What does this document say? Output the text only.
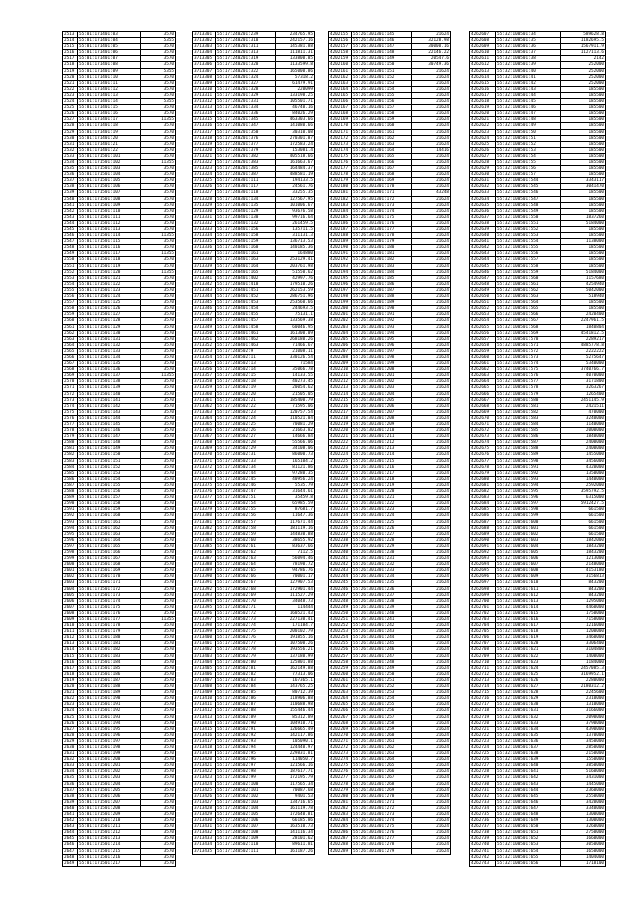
2513	55:01:171401:03	3570
2514	55:01:171401:04	5355
2515	55:01:171401:05	3570
2516	55:01:171401:06	3570
2517	55:01:171401:07	3570
2518	55:01:171401:08	3570
2519	55:01:171401:09	5355
2520	55:01:171401:10	3570
2521	55:01:171401:11	3570
2522	55:01:171401:12	3570
2523	55:01:171401:13	3570
2524	55:01:171401:14	5355
2525	55:01:171401:15	3570
2526	55:01:171401:16	3570
2527	55:01:171401:17	11355
2528	55:01:171401:18	3570
2529	55:01:171401:19	3570
2530	55:01:171401:20	3570
2531	55:01:171401:21	3570
2532	55:01:171401:22	3570
2533	55:01:171501:101	3570
2534	55:01:171501:102	11355
2535	55:01:171501:103	3570
2536	55:01:171501:104	3570
2537	55:01:171501:105	3570
2538	55:01:171501:106	3570
2539	55:01:171501:107	3570
2540	55:01:171501:108	3570
2541	55:01:171501:109	3570
2542	55:01:171501:110	3570
2543	55:01:171501:111	3570
2544	55:01:171501:112	3570
2545	55:01:171501:113	3570
2546	55:01:171501:114	11355
2547	55:01:171501:115	3570
2548	55:01:171501:116	3570
2549	55:01:171501:117	11355
2550	55:01:171501:118	3570
2551	55:01:171501:119	3570
2552	55:01:171501:120	11355
2553	55:01:171501:121	3570
2554	55:01:171501:122	3570
2555	55:01:171501:123	3570
2556	55:01:171501:124	3570
2557	55:01:171501:125	3570
2558	55:01:171501:126	3570
2559	55:01:171501:127	3570
2560	55:01:171501:128	3570
2561	55:01:171501:129	3570
2562	55:01:171501:130	3570
2563	55:01:171501:131	3570
2564	55:01:171501:132	3570
2565	55:01:171501:133	3570
2566	55:01:171501:134	3570
2567	55:01:171501:135	3570
2568	55:01:171501:136	3570
2569	55:01:171501:137	11355
2570	55:01:171501:138	3570
2571	55:01:171501:139	3570
2572	55:01:171501:140	3570
2573	55:01:171501:141	3570
2574	55:01:171501:142	3570
2575	55:01:171501:143	3570
2576	55:01:171501:144	3570
2577	55:01:171501:145	3570
2578	55:01:171501:146	3570
2579	55:01:171501:147	3570
2580	55:01:171501:148	3570
2581	55:01:171501:149	3570
2582	55:01:171501:150	3570
2583	55:01:171501:151	3570
2584	55:01:171501:152	3570
2585	55:01:171501:153	3570
2586	55:01:171501:154	3570
2587	55:01:171501:155	3570
2588	55:01:171501:156	3570
2589	55:01:171501:157	3570
2590	55:01:171501:158	3570
2591	55:01:171501:159	3570
2592	55:01:171501:160	3570
2593	55:01:171501:161	3570
2594	55:01:171501:162	3570
2595	55:01:171501:163	3570
2596	55:01:171501:164	3570
2597	55:01:171501:165	3570
2598	55:01:171501:166	3570
2599	55:01:171501:167	3570
2600	55:01:171501:168	3570
2601	55:01:171501:169	3570
2602	55:01:171501:170	3570
2603	55:01:171501:171	3570
2604	55:01:171501:172	3570
2605	55:01:171501:173	3570
2606	55:01:171501:174	3570
2607	55:01:171501:175	3570
2608	55:01:171501:176	3570
2609	55:01:171501:177	11355
2610	55:01:171501:178	3570
2611	55:01:171501:179	3570
2612	55:01:171501:180	3570
2613	55:01:171501:181	3570
2614	55:01:171501:182	3570
2615	55:01:171501:183	3570
2616	55:01:171501:184	3570
2617	55:01:171501:185	3570
2618	55:01:171501:186	3570
2619	55:01:171501:187	3570
2620	55:01:171501:188	3570
2621	55:01:171501:189	3570
2622	55:01:171501:190	3570
2623	55:01:171501:191	3570
2624	55:01:171501:192	3570
2625	55:01:171501:193	3570
2626	55:01:171501:194	3570
2627	55:01:171501:195	3570
2628	55:01:171501:196	3570
2629	55:01:171501:197	3570
2630	55:01:171501:198	3570
2631	55:01:171501:199	3570
2632	55:01:171501:200	3570
2633	55:01:171501:201	3570
2634	55:01:171501:202	3570
2635	55:01:171501:203	3570
2636	55:01:171501:204	3570
2637	55:01:171501:205	3570
2638	55:01:171501:206	3570
2639	55:01:171501:207	3570
2640	55:01:171501:208	3570
2641	55:01:171501:209	3570
2642	55:01:171501:210	3570
2643	55:01:171501:211	3570
2644	55:01:171501:212	3570
2645	55:01:171501:213	3570
2646	55:01:171501:214	3570
2647	55:01:171501:215	3570
2648	55:01:171501:216	3570
2649	55:01:171501:217	3570
3713301	55:17:240201:239	234765.95
3713302	55:17:240201:310	242157.16
3713303	55:17:240201:311	145381.88
3713304	55:17:240201:313	111811.31
3713305	55:17:240201:319	133800.85
3713306	55:17:240201:320	1133599.8
3713307	55:17:240201:322	165000.86
3713308	55:17:240201:324	57318.2
3713309	55:17:240201:327	61479.91
3713310	55:17:240201:328	220099
3713311	55:17:240201:329	133198.25
3713312	55:17:240201:331	105501.71
3713313	55:17:240201:334	46740.16
3713314	55:17:240201:336	84026.29
3713315	55:17:240201:345	463303.66
3713316	55:17:240201:347	141080.66
3713317	55:17:240201:350	30310.08
3713318	55:17:240201:376	270301.87
3713319	55:17:240201:377	172583.24
3713320	55:17:240201:379	153081.4
3713321	55:17:240201:382	405518.66
3713322	55:17:240201:383	161663.67
3713323	55:17:240201:385	164484.37
3713324	55:17:240201:387	488581.19
3713325	55:17:240301:111	194133.5
3713326	55:17:240301:117	24561.76
3713327	55:17:240301:118	33255.35
3713328	55:17:240301:134	127567.95
3713329	55:17:240301:135	101006.67
3713330	55:17:240401:129	93676.58
3713331	55:17:240401:130	99716.64
3713332	55:17:240401:132	261459.5
3713333	55:17:240401:156	135711.5
3713334	55:17:240401:158	311131.3
3713335	55:17:240401:159	136713.53
3713336	55:17:240401:160	140185.36
3713337	55:17:240401:161	164880
3713338	55:17:240401:163	253129.41
3713339	55:17:240401:164	203761.98
3713340	55:17:240401:165	51550.62
3713341	55:17:240401:402	42997.76
3713342	55:17:240401:410	179510.26
3713343	55:17:240401:451	262153.59
3713344	55:17:240401:452	286751.96
3713345	55:17:240401:453	253560.66
3713346	55:17:240401:454	244693.5
3713347	55:17:240401:455	75131.1
3713348	55:17:240401:457	133569.38
3713349	55:17:240401:458	60046.95
3713350	55:17:240401:461	161300.09
3713351	55:17:240401:462	268180.26
3713352	55:17:240401:463	71466.67
3713353	55:17:240502:9	21008.11
3713354	55:17:240502:11	330126.54
3713355	55:17:240502:13	71584
3713356	55:17:240502:14	35066.78
3713357	55:17:240502:15	14133.55
3713358	55:17:240502:18	40273.45
3713359	55:17:240502:19	20054.62
3713360	55:17:240502:20	21505.05
3713361	55:17:240502:21	185400.79
3713362	55:17:240502:22	71595.06
3713363	55:17:240502:23	120757.54
3713364	55:17:240502:24	110521.04
3713365	55:17:240502:25	70081.29
3713366	55:17:240502:26	21663.82
3713367	55:17:240502:27	14666.84
3713368	55:17:240502:28	55566.06
3713369	55:17:240502:29	34108.06
3713370	55:17:240502:31	86000.73
3713371	55:17:240502:33	165104.2
3713372	55:17:240502:34	81121.86
3713373	55:17:240502:44	97280.35
3713374	55:17:240502:45	40956.24
3713375	55:17:240502:46	5535.79
3713376	55:17:240502:47	31644.61
3713377	55:17:240502:51	35459.8
3713378	55:17:240502:54	65985.59
3713379	55:17:240502:55	87681.7
3713380	55:17:240502:56	11647.36
3713381	55:17:240502:57	117671.44
3713382	55:17:240502:58	181119.16
3713383	55:17:240502:59	144830.88
3713384	55:17:240502:60	38655.92
3713385	55:17:240502:61	83637.66
3713386	55:17:240502:62	7112.5
3713387	55:17:240502:63	56094.46
3713388	55:17:240502:64	78190.72
3713389	55:17:240502:65	94786.76
3713390	55:17:240502:66	70001.17
3713391	55:17:240502:67	127907.53
3713392	55:17:240502:68	172901.44
3713393	55:17:240502:69	111527.29
3713394	55:17:240502:70	34048.73
3713395	55:17:240502:71	114444
3713396	55:17:240502:72	160521.43
3713397	55:17:240502:73	227130.41
3713398	55:17:240502:74	171184.7
3713399	55:17:240502:75	200102.79
3713400	55:17:240502:76	191855.16
3713401	55:17:240502:77	107500.26
3713402	55:17:240502:78	193556.21
3713403	55:17:240502:79	137180.99
3713404	55:17:240502:80	125801.88
3713405	55:17:240502:81	162149.88
3713406	55:17:240502:82	77313.06
3713407	55:17:240502:83	167365.1
3713408	55:17:240502:84	143765.25
3713409	55:17:240502:85	80712.39
3713410	55:17:240502:86	118906.88
3713411	55:17:240502:87	110688.98
3713412	55:17:240502:88	155446.44
3713413	55:17:240502:89	85312.89
3713414	55:17:240502:90	104910.71
3713415	55:17:240502:91	126665.49
3713416	55:17:240502:92	142117.86
3713417	55:17:240502:93	105090.1
3713418	55:17:240502:94	124440.97
3713419	55:17:240502:95	229831.81
3713420	55:17:240502:96	114050.7
3713421	55:17:240502:97	121566.16
3713422	55:17:240502:98	187617.71
3713423	55:17:240502:99	172195.79
3713424	55:17:240502:100	117565.34
3713425	55:17:240502:101	70087.68
3713426	55:17:240502:102	9401.53
3713427	55:17:240502:103	134716.65
3713428	55:17:240502:104	161119.78
3713429	55:17:240502:105	172640.81
3713430	55:17:240502:106	66185.86
3713431	55:17:240502:107	163510.73
3713432	55:17:240502:108	141116.34
3713433	55:17:240502:109	28101.62
3713434	55:17:240502:110	89611.81
3713435	55:17:240502:111	161187.26
4202155	55:26:301301:145	21624
4202156	55:26:301301:146	32128.98
4202157	55:26:301301:147	30000.16
4202158	55:26:301301:148	22146.22
4202159	55:26:301301:149	20547.6
4202160	55:26:301301:150	30749.36
4202161	55:26:301301:151	21624
4202162	55:26:301301:152	21624
4202163	55:26:301301:153	21624
4202164	55:26:301301:154	21624
4202165	55:26:301301:155	21624
4202166	55:26:301301:156	21624
4202167	55:26:301301:157	21624
4202168	55:26:301301:158	21624
4202169	55:26:301301:159	21624
4202170	55:26:301301:160	21624
4202171	55:26:301301:161	21624
4202172	55:26:301301:162	21624
4202173	55:26:301301:163	21624
4202174	55:26:301301:164	14416
4202175	55:26:301301:165	21624
4202176	55:26:301301:166	21624
4202177	55:26:301301:167	21624
4202178	55:26:301301:168	21624
4202179	55:26:301301:169	21624
4202180	55:26:301301:170	21624
4202181	55:26:301301:171	43248
4202182	55:26:301301:172	21624
4202183	55:26:301301:173	21624
4202184	55:26:301301:174	21624
4202185	55:26:301301:175	21624
4202186	55:26:301301:176	21624
4202187	55:26:301301:177	21624
4202188	55:26:301301:178	21624
4202189	55:26:301301:179	21624
4202190	55:26:301301:180	21624
4202191	55:26:301301:181	21624
4202192	55:26:301301:182	21624
4202193	55:26:301301:183	21624
4202194	55:26:301301:184	21624
4202195	55:26:301301:185	21624
4202196	55:26:301301:186	21624
4202197	55:26:301301:187	21624
4202198	55:26:301301:188	21624
4202199	55:26:301301:189	21624
4202200	55:26:301301:190	21624
4202201	55:26:301301:191	21624
4202202	55:26:301301:192	21624
4202203	55:26:301301:193	21624
4202204	55:26:301301:194	21624
4202205	55:26:301301:195	21624
4202206	55:26:301301:196	21624
4202207	55:26:301301:197	21624
4202208	55:26:301301:198	21624
4202209	55:26:301301:199	21624
4202210	55:26:301301:200	21624
4202211	55:26:301301:201	21624
4202212	55:26:301301:202	21624
4202213	55:26:301301:203	21624
4202214	55:26:301301:204	21624
4202215	55:26:301301:205	21624
4202216	55:26:301301:206	21624
4202217	55:26:301301:207	21624
4202218	55:26:301301:208	21624
4202219	55:26:301301:209	21624
4202220	55:26:301301:210	21624
4202221	55:26:301301:211	21624
4202222	55:26:301301:212	21624
4202223	55:26:301301:213	21624
4202224	55:26:301301:214	21624
4202225	55:26:301301:215	21624
4202226	55:26:301301:216	21624
4202227	55:26:301301:217	21624
4202228	55:26:301301:218	21624
4202229	55:26:301301:219	21624
4202230	55:26:301301:220	21624
4202231	55:26:301301:221	21624
4202232	55:26:301301:222	21624
4202233	55:26:301301:223	21624
4202234	55:26:301301:224	21624
4202235	55:26:301301:225	21624
4202236	55:26:301301:226	21624
4202237	55:26:301301:227	21624
4202238	55:26:301301:228	21624
4202239	55:26:301301:229	21624
4202240	55:26:301301:230	21624
4202241	55:26:301301:231	21624
4202242	55:26:301301:232	21624
4202243	55:26:301301:233	21624
4202244	55:26:301301:234	21624
4202245	55:26:301301:235	21624
4202246	55:26:301301:236	21624
4202247	55:26:301301:237	21624
4202248	55:26:301301:238	21624
4202249	55:26:301301:239	21624
4202250	55:26:301301:240	21624
4202251	55:26:301301:241	21624
4202252	55:26:301301:242	21624
4202253	55:26:301301:243	21624
4202254	55:26:301301:244	21624
4202255	55:26:301301:245	21624
4202256	55:26:301301:246	21624
4202257	55:26:301301:247	21624
4202258	55:26:301301:248	21624
4202259	55:26:301301:249	21624
4202260	55:26:301301:250	21624
4202261	55:26:301301:251	21624
4202262	55:26:301301:252	21624
4202263	55:26:301301:253	21624
4202264	55:26:301301:254	21624
4202265	55:26:301301:255	21624
4202266	55:26:301301:256	21624
4202267	55:26:301301:257	21624
4202268	55:26:301301:258	21624
4202269	55:26:301301:259	21624
4202270	55:26:301301:260	21624
4202271	55:26:301301:261	21624
4202272	55:26:301301:262	21624
4202273	55:26:301301:263	21624
4202274	55:26:301301:264	21624
4202275	55:26:301301:265	21624
4202276	55:26:301301:266	21624
4202277	55:26:301301:267	21624
4202278	55:26:301301:268	21624
4202279	55:26:301301:269	21624
4202280	55:26:301301:270	21624
4202281	55:26:301301:271	21624
4202282	55:26:301301:272	21624
4202283	55:26:301301:273	21624
4202284	55:26:301301:274	21624
4202285	55:26:301301:275	21624
4202286	55:26:301301:276	21624
4202287	55:26:301301:277	21624
4202288	55:26:301301:278	21624
4202289	55:26:301301:279	21624
4262607	55:32:100501:34	589628.8
4262608	55:32:100501:35	1182695.5
4262609	55:32:100501:36	1567911.9
4262610	55:32:100501:37	1127113.6
4262611	55:32:100501:38	2142
4262612	55:32:100501:39	252000
4262613	55:32:100501:40	252000
4262614	55:32:100501:41	252000
4262615	55:32:100501:42	252000
4262616	55:32:100501:43	185500
4262617	55:32:100501:44	185500
4262618	55:32:100501:45	185500
4262619	55:32:100501:46	185500
4262620	55:32:100501:47	185500
4262621	55:32:100501:48	185500
4262622	55:32:100501:49	185500
4262623	55:32:100501:50	185500
4262624	55:32:100501:51	185500
4262625	55:32:100501:52	185500
4262626	55:32:100501:53	185500
4262627	55:32:100501:54	185500
4262628	55:32:100501:55	185500
4262629	55:32:100501:56	185500
4262630	55:32:100501:57	185500
4262631	55:32:100501:544	3343117
4262632	55:32:100501:545	3041470
4262633	55:32:100501:546	185500
4262634	55:32:100501:547	185500
4262635	55:32:100501:548	185500
4262636	55:32:100501:549	185500
4262637	55:32:100501:550	1837260
4262638	55:32:100501:551	5184000
4262639	55:32:100501:552	185500
4262640	55:32:100501:553	185500
4262641	55:32:100501:554	1138000
4262642	55:32:100501:555	185500
4262643	55:32:100501:556	185500
4262644	55:32:100501:557	185500
4262645	55:32:100501:558	185500
4262646	55:32:100501:559	5184000
4262647	55:32:100501:560	1157680
4262648	55:32:100501:561	4254940
4262649	55:32:100501:562	5042000
4262650	55:32:100501:563	518940
4262651	55:32:100501:564	185500
4262652	55:32:100501:565	185500
4262653	55:32:100501:566	2420400
4262654	55:32:100501:567	2247961.5
4262655	55:32:100501:568	1840804
4262656	55:32:100501:569	4541812.5
4262657	55:32:100501:570	2289217
4262658	55:32:100501:571	4885778.8
4262659	55:32:100501:572	2222222
4262660	55:32:100501:573	5275647
4262661	55:32:100501:574	5340000
4262662	55:32:100501:575	3740766.7
4262663	55:32:100501:576	4070000
4262664	55:32:100501:577	3171800
4262665	55:32:100501:578	3263267
4262666	55:32:100501:579	1265400
4262667	55:32:100501:580	2451145.9
4262668	55:32:100501:581	2421511
4262669	55:32:100501:582	470000
4262670	55:32:100501:583	3240000
4262671	55:32:100501:584	1140000
4262672	55:32:100501:585	2000000
4262673	55:32:100501:586	1840000
4262674	55:32:100501:587	2400000
4262675	55:32:100501:588	2400000
4262676	55:32:100501:589	1455000
4262677	55:32:100501:590	3456000
4262678	55:32:100501:591	4320000
4262679	55:32:100501:592	1350000
4262680	55:32:100501:593	1440000
4262681	55:32:100501:594	2592000
4262682	55:32:100501:595	3595792.5
4262683	55:32:100501:596	6315000
4262684	55:32:100501:597	5912427.5
4262685	55:32:100501:598	661500
4262686	55:32:100501:599	661500
4262687	55:32:100501:600	661500
4262688	55:32:100501:601	661500
4262689	55:32:100501:602	661500
4262690	55:32:100501:603	1842000
4262691	55:32:100501:604	1843200
4262692	55:32:100501:605	1843200
4262693	55:32:100501:606	1213000
4262694	55:32:100501:607	2148000
4262695	55:32:100501:608	4153180
4262696	55:32:100501:609	3156813
4262697	55:32:100501:610	843200
4262698	55:32:100501:611	843200
4262699	55:32:100501:612	843200
4262700	55:32:100501:613	1295000
4262701	55:32:100501:614	4460000
4262702	55:32:100501:615	1750000
4262703	55:32:100501:616	7158000
4262704	55:32:100501:617	1216000
4262705	55:32:100501:618	1200000
4262706	55:32:100501:619	3460000
4262707	55:32:100501:620	3306400
4262708	55:32:100501:621	3104800
4262709	55:32:100501:622	1400000
4262710	55:32:100501:623	1184000
4262711	55:32:100501:624	2457085.3
4262712	55:32:100501:625	3169952.1
4262713	55:32:100501:626	2280000
4262714	55:32:100501:627	2180312.2
4262715	55:32:100501:628	2245600
4262716	55:32:100501:629	2310000
4262717	55:32:100501:630	1310000
4262718	55:32:100501:631	3166000
4262719	55:32:100501:632	2090000
4262720	55:32:100501:633	3790000
4262721	55:32:100501:634	4390000
4262722	55:32:100501:635	1370000
4262723	55:32:100501:636	3450000
4262724	55:32:100501:637	2850000
4262725	55:32:100501:638	2150000
4262726	55:32:100501:639	1550000
4262727	55:32:100501:640	3850000
4262728	55:32:100501:641	5160000
4262729	55:32:100501:642	3431000
4262730	55:32:100501:643	1445000
4262731	55:32:100501:644	2360000
4262732	55:32:100501:645	2550000
4262733	55:32:100501:646	3420000
4262734	55:32:100501:647	3340000
4262735	55:32:100501:648	1300000
4262736	55:32:100501:649	1300000
4262737	55:32:100501:650	3260000
4262738	55:32:100501:651	2750000
4262739	55:32:100501:652	1660000
4262740	55:32:100501:653	3050000
4262741	55:32:100501:654	1650000
4262742	55:32:100501:655	1404000
4262743	55:32:100501:656	1718100
